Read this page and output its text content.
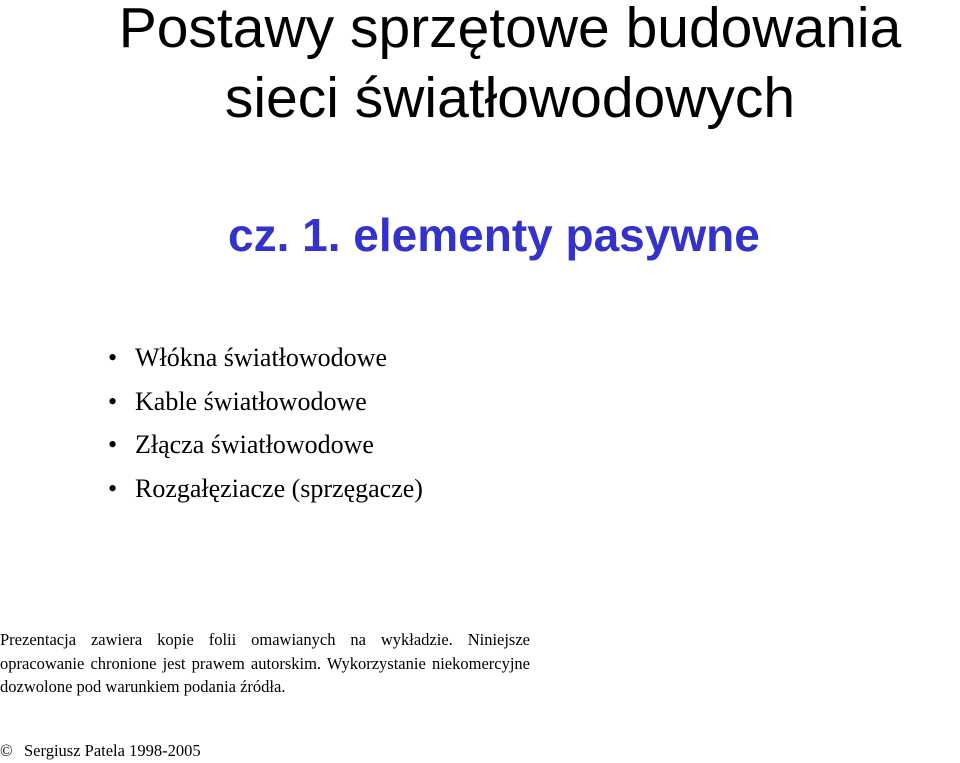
Postawy sprzętowe budowania
sieci światłowodowych
cz. 1. elementy pasywne
• Włókna światłowodowe
• Kable światłowodowe
• Złącza światłowodowe
• Rozgałęziacze (sprzęgacze)

Prezentacja zawiera kopie folii omawianych na wykładzie. Niniejsze opracowanie chronione jest prawem autorskim. Wykorzystanie niekomercyjne dozwolone pod warunkiem podania źródła.

© Sergiusz Patela 1998-2005
